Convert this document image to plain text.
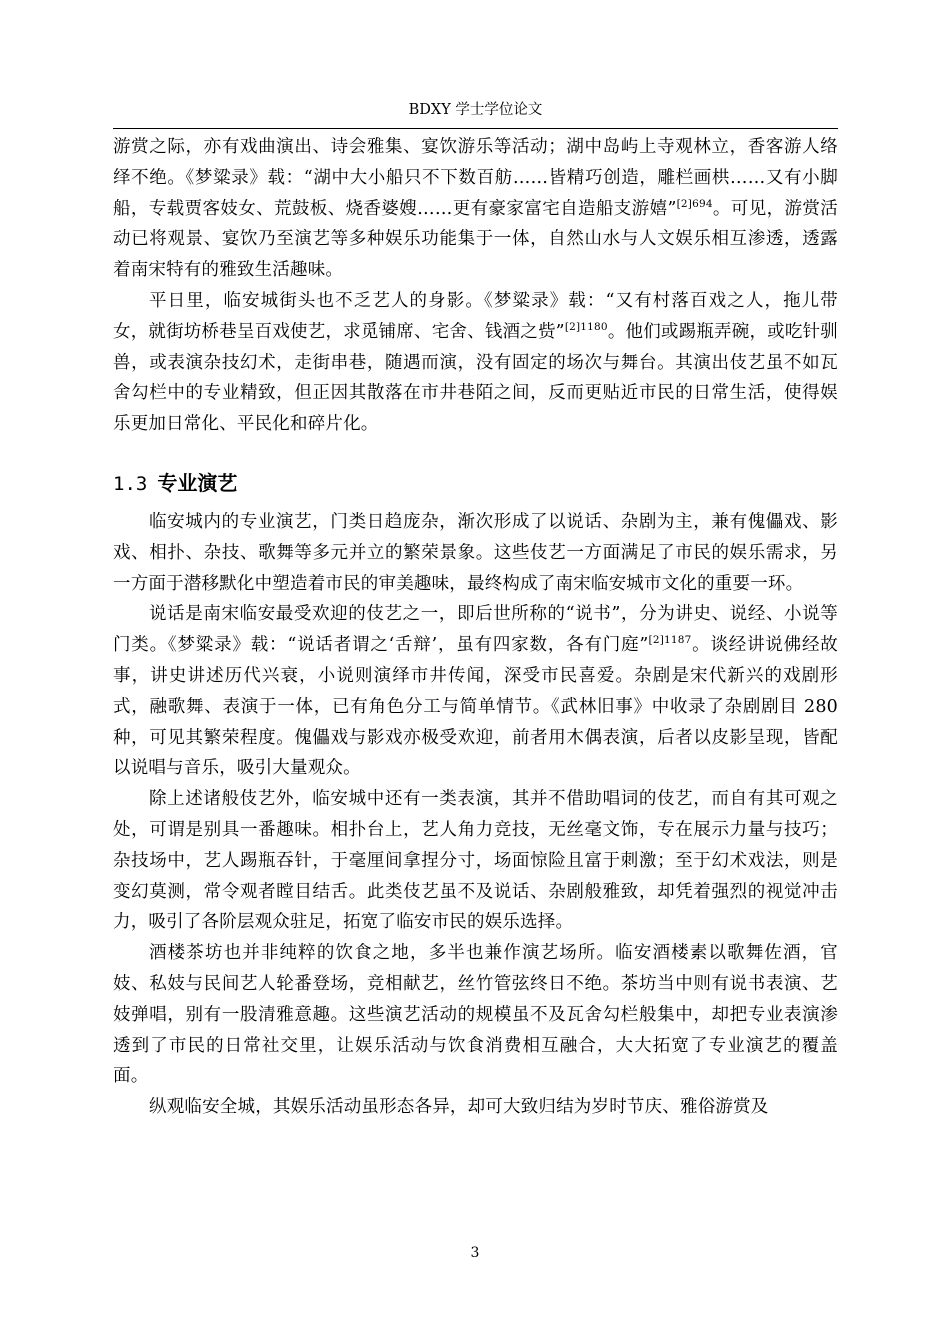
BDXY 学士学位论文

游赏之际，亦有戏曲演出、诗会雅集、宴饮游乐等活动；湖中岛屿上寺观林立，香客游人络绎不绝。《梦粱录》载：“湖中大小船只不下数百舫……皆精巧创造，雕栏画栱……又有小脚船，专载贾客妓女、荒鼓板、烧香婆嫂……更有豪家富宅自造船支游嬉”$^{[2]694}$。可见，游赏活动已将观景、宴饮乃至演艺等多种娱乐功能集于一体，自然山水与人文娱乐相互渗透，透露着南宋特有的雅致生活趣味。

平日里，临安城街头也不乏艺人的身影。《梦粱录》载：“又有村落百戏之人，拖儿带女，就街坊桥巷呈百戏使艺，求觅铺席、宅舍、钱酒之赀”$^{[2]1180}$。他们或踢瓶弄碗，或吃针驯兽，或表演杂技幻术，走街串巷，随遇而演，没有固定的场次与舞台。其演出伎艺虽不如瓦舍勾栏中的专业精致，但正因其散落在市井巷陌之间，反而更贴近市民的日常生活，使得娱乐更加日常化、平民化和碎片化。

1.3 专业演艺

临安城内的专业演艺，门类日趋庞杂，渐次形成了以说话、杂剧为主，兼有傀儡戏、影戏、相扑、杂技、歌舞等多元并立的繁荣景象。这些伎艺一方面满足了市民的娱乐需求，另一方面于潜移默化中塑造着市民的审美趣味，最终构成了南宋临安城市文化的重要一环。

说话是南宋临安最受欢迎的伎艺之一，即后世所称的“说书”，分为讲史、说经、小说等门类。《梦粱录》载：“说话者谓之‘舌辩’，虽有四家数，各有门庭”$^{[2]1187}$。谈经讲说佛经故事，讲史讲述历代兴衰，小说则演绎市井传闻，深受市民喜爱。杂剧是宋代新兴的戏剧形式，融歌舞、表演于一体，已有角色分工与简单情节。《武林旧事》中收录了杂剧剧目 280 种，可见其繁荣程度。傀儡戏与影戏亦极受欢迎，前者用木偶表演，后者以皮影呈现，皆配以说唱与音乐，吸引大量观众。

除上述诸般伎艺外，临安城中还有一类表演，其并不借助唱词的伎艺，而自有其可观之处，可谓是别具一番趣味。相扑台上，艺人角力竞技，无丝毫文饰，专在展示力量与技巧；杂技场中，艺人踢瓶吞针，于毫厘间拿捏分寸，场面惊险且富于刺激；至于幻术戏法，则是变幻莫测，常令观者瞠目结舌。此类伎艺虽不及说话、杂剧般雅致，却凭着强烈的视觉冲击力，吸引了各阶层观众驻足，拓宽了临安市民的娱乐选择。

酒楼茶坊也并非纯粹的饮食之地，多半也兼作演艺场所。临安酒楼素以歌舞佐酒，官妓、私妓与民间艺人轮番登场，竞相献艺，丝竹管弦终日不绝。茶坊当中则有说书表演、艺妓弹唱，别有一股清雅意趣。这些演艺活动的规模虽不及瓦舍勾栏般集中，却把专业表演渗透到了市民的日常社交里，让娱乐活动与饮食消费相互融合，大大拓宽了专业演艺的覆盖面。

纵观临安全城，其娱乐活动虽形态各异，却可大致归结为岁时节庆、雅俗游赏及

3
